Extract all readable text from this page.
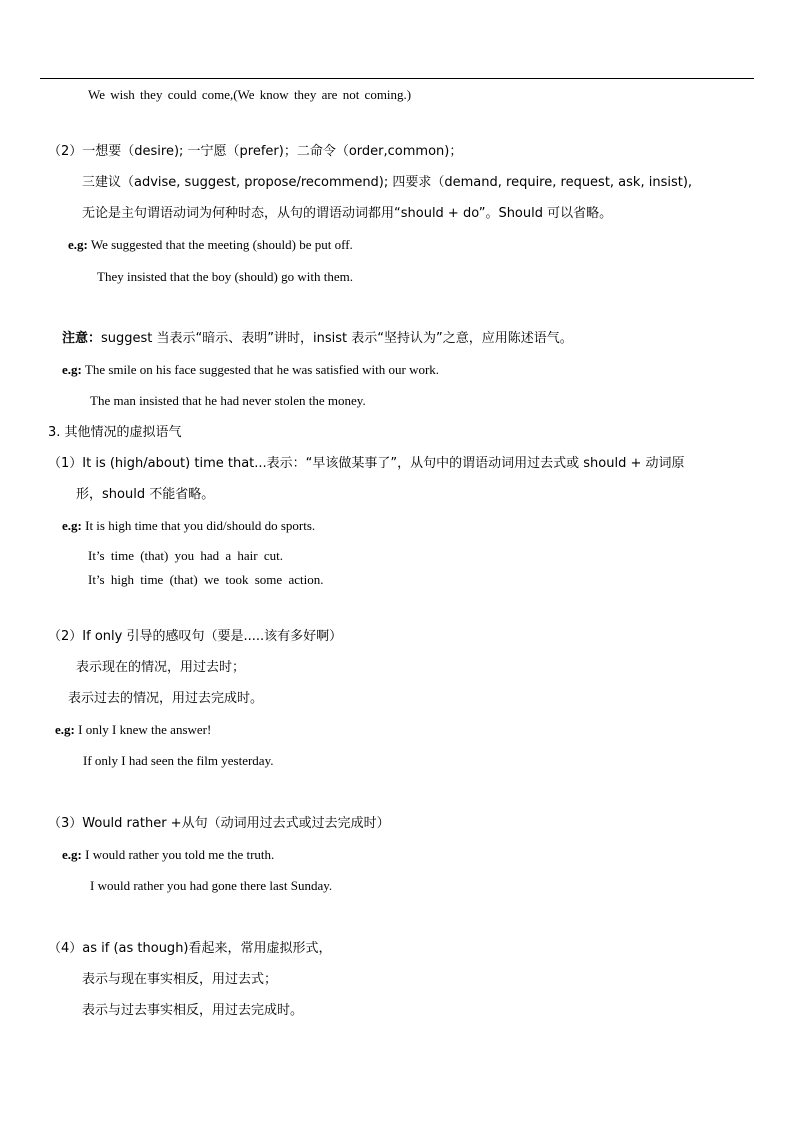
We wish they could come,(We know they are not coming.)
（2）一想要（desire); 一宁愿（prefer)；二命令（order,common)；
三建议（advise, suggest, propose/recommend); 四要求（demand, require, request, ask, insist),
无论是主句谓语动词为何种时态，从句的谓语动词都用“should + do”。Should 可以省略。
e.g: We suggested that the meeting (should) be put off.
They insisted that the boy (should) go with them.
注意：suggest 当表示“暗示、表明”讲时，insist 表示“坚持认为”之意，应用陈述语气。
e.g: The smile on his face suggested that he was satisfied with our work.
The man insisted that he had never stolen the money.
3. 其他情况的虚拟语气
（1）It is (high/about) time that...表示：“早该做某事了”，从句中的谓语动词用过去式或 should + 动词原
形，should 不能省略。
e.g: It is high time that you did/should do sports.
It’s time (that) you had a hair cut.
It’s high time (that) we took some action.
（2）If only 引导的感叹句（要是.....该有多好啊）
表示现在的情况，用过去时；
表示过去的情况，用过去完成时。
e.g: I only I knew the answer!
If only I had seen the film yesterday.
（3）Would rather +从句（动词用过去式或过去完成时）
e.g: I would rather you told me the truth.
I would rather you had gone there last Sunday.
（4）as if (as though)看起来，常用虚拟形式，
表示与现在事实相反，用过去式；
表示与过去事实相反，用过去完成时。
